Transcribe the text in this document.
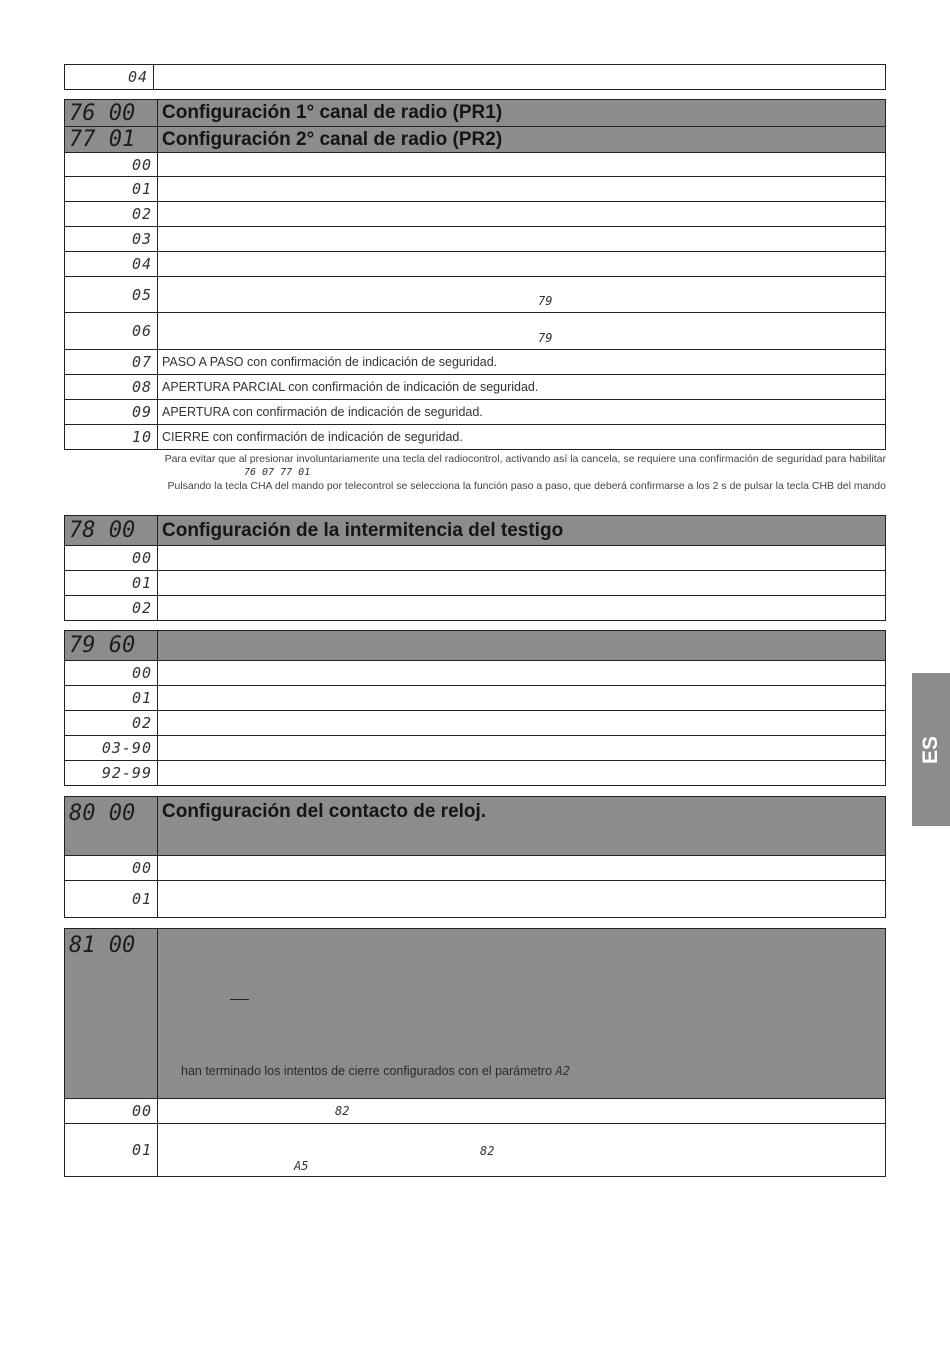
04	
76 00	Configuración 1° canal de radio (PR1)
77 01	Configuración 2° canal de radio (PR2)
00	
01	
02	
03	
04	
05	79

06	79

07	PASO A PASO con confirmación de indicación de seguridad.
08	APERTURA PARCIAL con confirmación de indicación de seguridad.
09	APERTURA con confirmación de indicación de seguridad.
10	CIERRE con confirmación de indicación de seguridad.
Para evitar que al presionar involuntariamente una tecla del radiocontrol, activando así la cancela, se requiere una confirmación de seguridad para habilitar
76 07 77 01
Pulsando la tecla CHA del mando por telecontrol se selecciona la función paso a paso, que deberá confirmarse a los 2 s de pulsar la tecla CHB del mando
78 00	Configuración de la intermitencia del testigo
00	
01	
02	
79 60	
00	
01	
02	
03-90	
92-99	
80 00	Configuración del contacto de reloj.
00	
01	
81 00	han terminado los intentos de cierre configurados con el parámetro A2

00	82

01	82
A5
ES
